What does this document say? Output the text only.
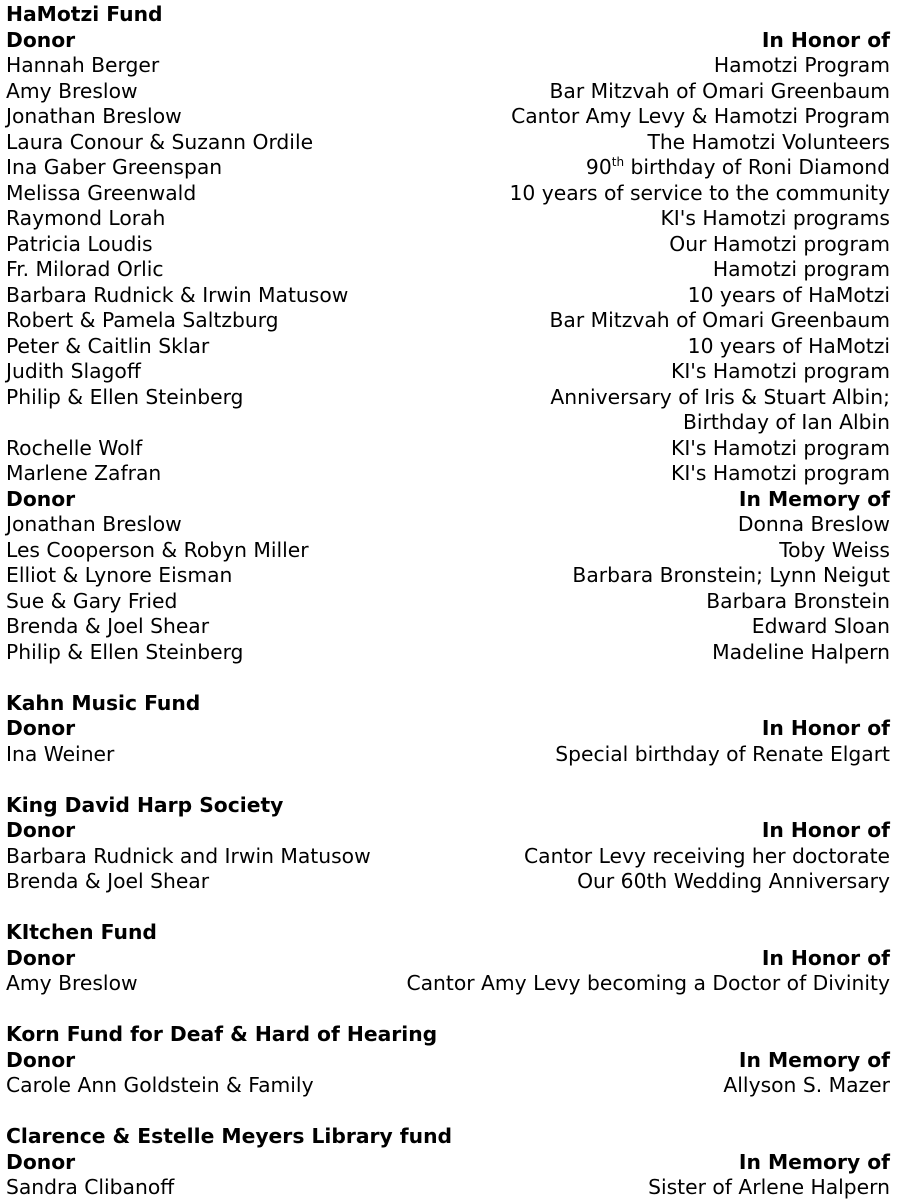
HaMotzi Fund
Donor	In Honor of
Hannah Berger	Hamotzi Program
Amy Breslow	Bar Mitzvah of Omari Greenbaum
Jonathan Breslow	Cantor Amy Levy & Hamotzi Program
Laura Conour & Suzann Ordile	The Hamotzi Volunteers
Ina Gaber Greenspan	90th birthday of Roni Diamond
Melissa Greenwald	10 years of service to the community
Raymond Lorah	KI's Hamotzi programs
Patricia Loudis	Our Hamotzi program
Fr. Milorad Orlic	Hamotzi program
Barbara Rudnick & Irwin Matusow	10 years of HaMotzi
Robert & Pamela Saltzburg	Bar Mitzvah of Omari Greenbaum
Peter & Caitlin Sklar	10 years of HaMotzi
Judith Slagoff	KI's Hamotzi program
Philip & Ellen Steinberg	Anniversary of Iris & Stuart Albin;
Birthday of Ian Albin
Rochelle Wolf	KI's Hamotzi program
Marlene Zafran	KI's Hamotzi program
Donor	In Memory of
Jonathan Breslow	Donna Breslow
Les Cooperson & Robyn Miller	Toby Weiss
Elliot & Lynore Eisman	Barbara Bronstein; Lynn Neigut
Sue & Gary Fried	Barbara Bronstein
Brenda & Joel Shear	Edward Sloan
Philip & Ellen Steinberg	Madeline Halpern
Kahn Music Fund
Donor	In Honor of
Ina Weiner	Special birthday of Renate Elgart
King David Harp Society
Donor	In Honor of
Barbara Rudnick and Irwin Matusow	Cantor Levy receiving her doctorate
Brenda & Joel Shear	Our 60th Wedding Anniversary
KItchen Fund
Donor	In Honor of
Amy Breslow	Cantor Amy Levy becoming a Doctor of Divinity
Korn Fund for Deaf & Hard of Hearing
Donor	In Memory of
Carole Ann Goldstein & Family	Allyson S. Mazer
Clarence & Estelle Meyers Library fund
Donor	In Memory of
Sandra Clibanoff	Sister of Arlene Halpern
